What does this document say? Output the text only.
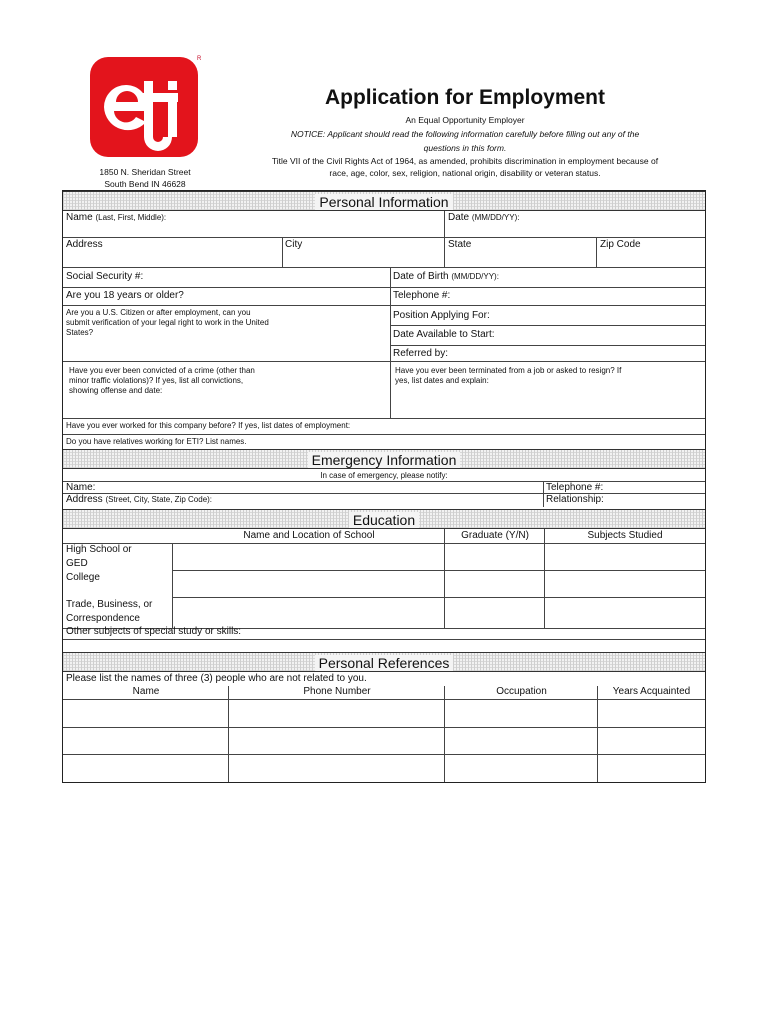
R
1850 N. Sheridan Street
South Bend IN 46628
Application for Employment
An Equal Opportunity Employer
NOTICE: Applicant should read the following information carefully before filling out any of the
questions in this form.
Title VII of the Civil Rights Act of 1964, as amended, prohibits discrimination in employment because of
race, age, color, sex, religion, national origin, disability or veteran status.
Personal Information
Name (Last, First, Middle):	Date (MM/DD/YY):
Address	City	State	Zip Code
Social Security #:	Date of Birth (MM/DD/YY):
Are you 18 years or older?	Telephone #:
Are you a U.S. Citizen or after employment, can you
submit verification of your legal right to work in the United
States?
Position Applying For:
Date Available to Start:
Referred by:
Have you ever been convicted of a crime (other than
minor traffic violations)? If yes, list all convictions,
showing offense and date:
Have you ever been terminated from a job or asked to resign? If
yes, list dates and explain:
Have you ever worked for this company before? If yes, list dates of employment:
Do you have relatives working for ETI? List names.
Emergency Information
In case of emergency, please notify:
Name:
Address (Street, City, State, Zip Code):
Telephone #:
Relationship:
Education
Name and Location of School	Graduate (Y/N)	Subjects Studied
High School or
GED
College
Trade, Business, or
Correspondence
Other subjects of special study or skills:
Personal References
Please list the names of three (3) people who are not related to you.
Name	Phone Number	Occupation	Years Acquainted
